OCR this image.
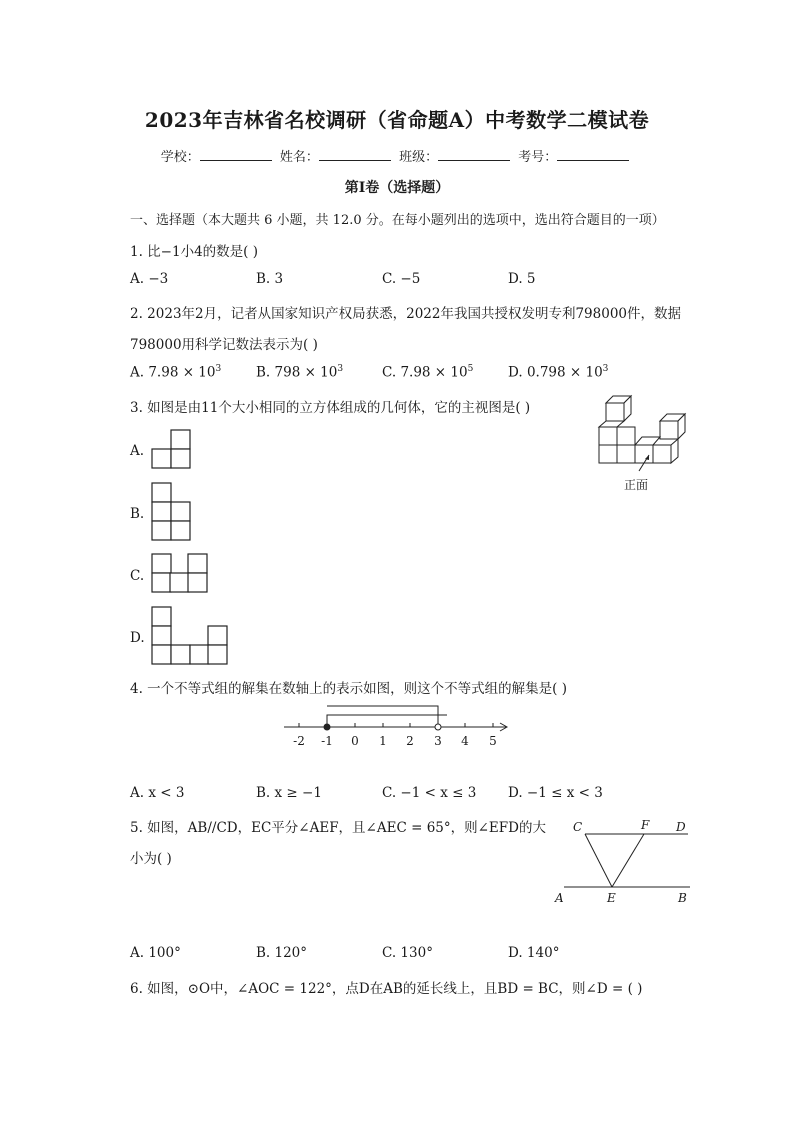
2023年吉林省名校调研（省命题A）中考数学二模试卷
学校：	姓名：	班级：	考号：
第I卷（选择题）
一、选择题（本大题共 6 小题，共 12.0 分。在每小题列出的选项中，选出符合题目的一项）
1. 比−1小4的数是( )
A. −3	B. 3	C. −5	D. 5
2. 2023年2月，记者从国家知识产权局获悉，2022年我国共授权发明专利798000件，数据
798000用科学记数法表示为( )
A. $7.98 \times 10^3$	B. $798 \times 10^3$	C. $7.98 \times 10^5$	D. $0.798 \times 10^3$
3. 如图是由11个大小相同的立方体组成的几何体，它的主视图是( )
正面
A.
B.
C.
D.
4. 一个不等式组的解集在数轴上的表示如图，则这个不等式组的解集是( )
-2 -1 0 1 2 3 4 5
A. x < 3	B. x ≥ −1	C. −1 < x ≤ 3 D. −1 ≤ x < 3
5. 如图，AB//CD，EC平分∠AEF，且∠AEC = 65°，则∠EFD的大
小为( )
C	F D
A	E	B
A. 100°	B. 120°	C. 130°	D. 140°
6. 如图，⊙O中，∠AOC = 122°，点D在AB的延长线上，且BD = BC，则∠D = ( )
